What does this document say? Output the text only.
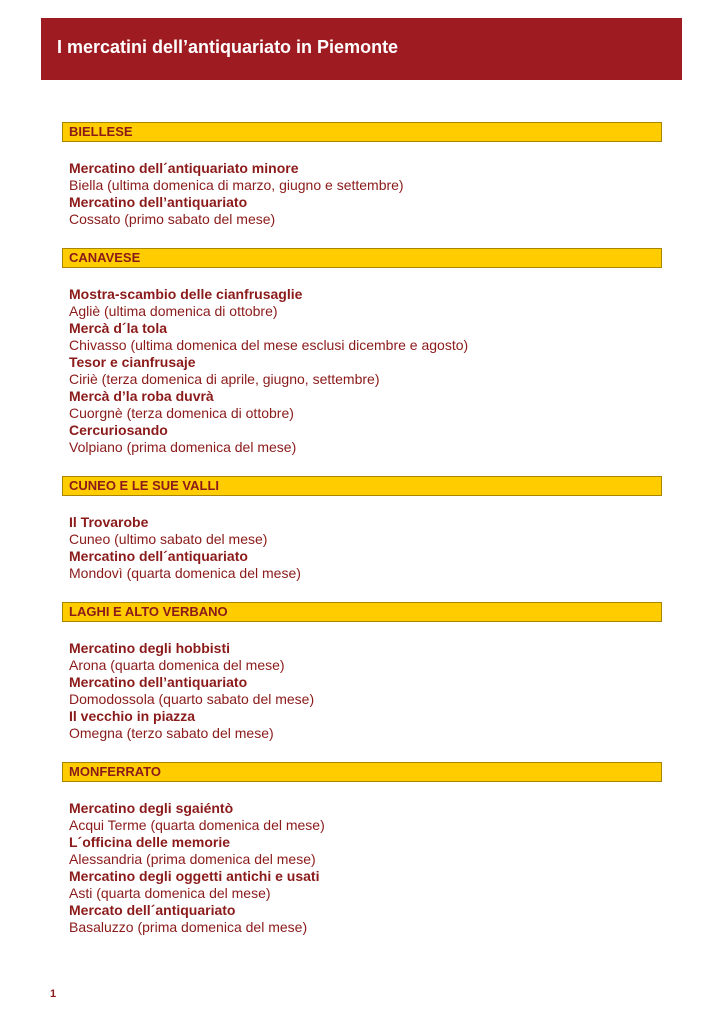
I mercatini dell’antiquariato in Piemonte
BIELLESE
Mercatino dell´antiquariato minore
Biella (ultima domenica di marzo, giugno e settembre)
Mercatino dell’antiquariato
Cossato (primo sabato del mese)
CANAVESE
Mostra-scambio delle cianfrusaglie
Agliè (ultima domenica di ottobre)
Mercà d´la tola
Chivasso (ultima domenica del mese esclusi dicembre e agosto)
Tesor e cianfrusaje
Ciriè (terza domenica di aprile, giugno, settembre)
Mercà d’la roba duvrà
Cuorgnè (terza domenica di ottobre)
Cercuriosando
Volpiano (prima domenica del mese)
CUNEO E LE SUE VALLI
Il Trovarobe
Cuneo (ultimo sabato del mese)
Mercatino dell´antiquariato
Mondovì (quarta domenica del mese)
LAGHI E ALTO VERBANO
Mercatino degli hobbisti
Arona (quarta domenica del mese)
Mercatino dell’antiquariato
Domodossola (quarto sabato del mese)
Il vecchio in piazza
Omegna (terzo sabato del mese)
MONFERRATO
Mercatino degli sgaiéntò
Acqui Terme (quarta domenica del mese)
L´officina delle memorie
Alessandria (prima domenica del mese)
Mercatino degli oggetti antichi e usati
Asti (quarta domenica del mese)
Mercato dell´antiquariato
Basaluzzo (prima domenica del mese)
1
